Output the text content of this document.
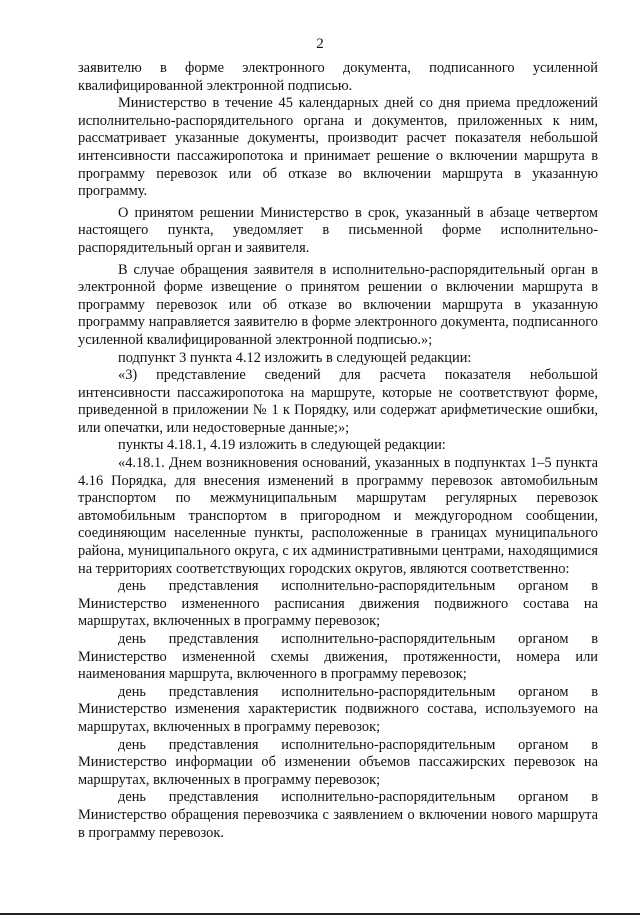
2

заявителю в форме электронного документа, подписанного усиленной квалифицированной электронной подписью.

Министерство в течение 45 календарных дней со дня приема предложений исполнительно-распорядительного органа и документов, приложенных к ним, рассматривает указанные документы, производит расчет показателя небольшой интенсивности пассажиропотока и принимает решение о включении маршрута в программу перевозок или об отказе во включении маршрута в указанную программу.

О принятом решении Министерство в срок, указанный в абзаце четвертом настоящего пункта, уведомляет в письменной форме исполнительно-распорядительный орган и заявителя.

В случае обращения заявителя в исполнительно-распорядительный орган в электронной форме извещение о принятом решении о включении маршрута в программу перевозок или об отказе во включении маршрута в указанную программу направляется заявителю в форме электронного документа, подписанного усиленной квалифицированной электронной подписью.»;

подпункт 3 пункта 4.12 изложить в следующей редакции:

«3) представление сведений для расчета показателя небольшой интенсивности пассажиропотока на маршруте, которые не соответствуют форме, приведенной в приложении № 1 к Порядку, или содержат арифметические ошибки, или опечатки, или недостоверные данные;»;

пункты 4.18.1, 4.19 изложить в следующей редакции:

«4.18.1. Днем возникновения оснований, указанных в подпунктах 1–5 пункта 4.16 Порядка, для внесения изменений в программу перевозок автомобильным транспортом по межмуниципальным маршрутам регулярных перевозок автомобильным транспортом в пригородном и междугородном сообщении, соединяющим населенные пункты, расположенные в границах муниципального района, муниципального округа, с их административными центрами, находящимися на территориях соответствующих городских округов, являются соответственно:

день представления исполнительно-распорядительным органом в Министерство измененного расписания движения подвижного состава на маршрутах, включенных в программу перевозок;

день представления исполнительно-распорядительным органом в Министерство измененной схемы движения, протяженности, номера или наименования маршрута, включенного в программу перевозок;

день представления исполнительно-распорядительным органом в Министерство изменения характеристик подвижного состава, используемого на маршрутах, включенных в программу перевозок;

день представления исполнительно-распорядительным органом в Министерство информации об изменении объемов пассажирских перевозок на маршрутах, включенных в программу перевозок;

день представления исполнительно-распорядительным органом в Министерство обращения перевозчика с заявлением о включении нового маршрута в программу перевозок.
